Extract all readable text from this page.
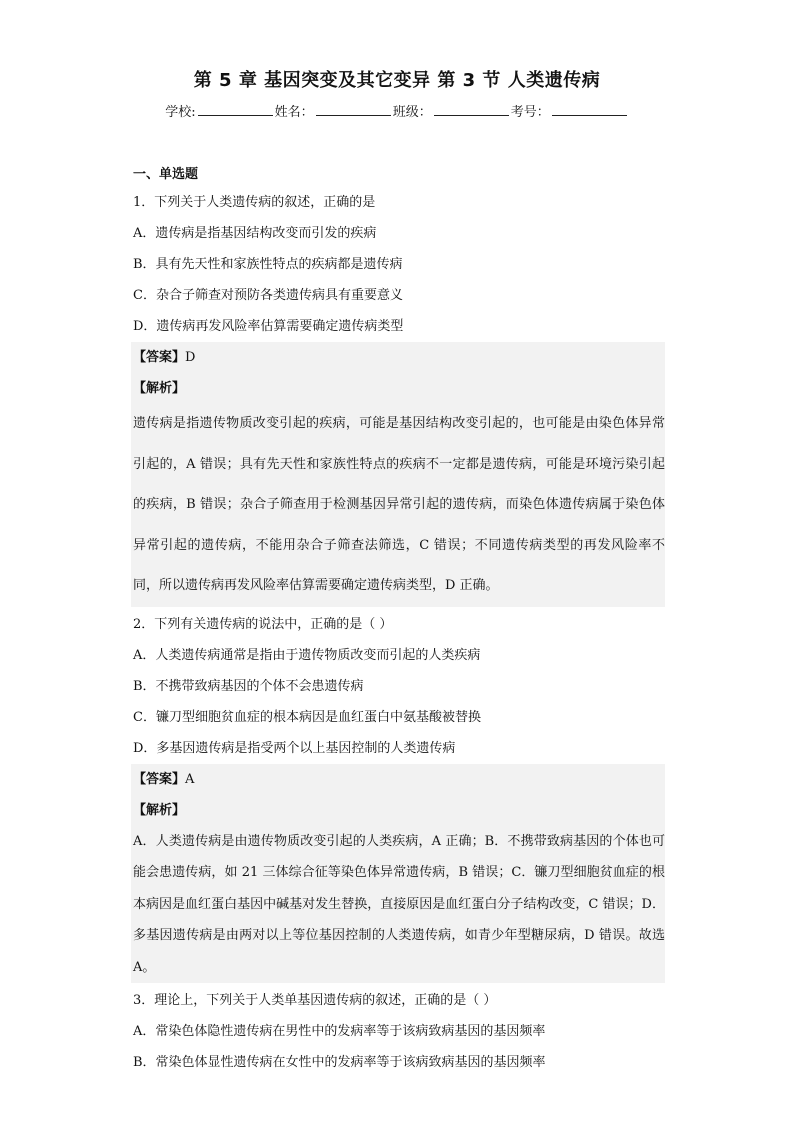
第 5 章 基因突变及其它变异 第 3 节 人类遗传病
学校:	姓名：	班级：	考号：
一、单选题
1．下列关于人类遗传病的叙述，正确的是
A．遗传病是指基因结构改变而引发的疾病
B．具有先天性和家族性特点的疾病都是遗传病
C．杂合子筛查对预防各类遗传病具有重要意义
D．遗传病再发风险率估算需要确定遗传病类型
【答案】D
【解析】
遗传病是指遗传物质改变引起的疾病，可能是基因结构改变引起的，也可能是由染色体异常引起的，A 错误；具有先天性和家族性特点的疾病不一定都是遗传病，可能是环境污染引起的疾病，B 错误；杂合子筛查用于检测基因异常引起的遗传病，而染色体遗传病属于染色体异常引起的遗传病，不能用杂合子筛查法筛选，C 错误；不同遗传病类型的再发风险率不同，所以遗传病再发风险率估算需要确定遗传病类型，D 正确。
2．下列有关遗传病的说法中，正确的是（ ）
A．人类遗传病通常是指由于遗传物质改变而引起的人类疾病
B．不携带致病基因的个体不会患遗传病
C．镰刀型细胞贫血症的根本病因是血红蛋白中氨基酸被替换
D．多基因遗传病是指受两个以上基因控制的人类遗传病
【答案】A
【解析】
A．人类遗传病是由遗传物质改变引起的人类疾病，A 正确；B．不携带致病基因的个体也可能会患遗传病，如 21 三体综合征等染色体异常遗传病，B 错误；C．镰刀型细胞贫血症的根本病因是血红蛋白基因中碱基对发生替换，直接原因是血红蛋白分子结构改变，C 错误；D．多基因遗传病是由两对以上等位基因控制的人类遗传病，如青少年型糖尿病，D 错误。故选 A。
3．理论上，下列关于人类单基因遗传病的叙述，正确的是（ ）
A．常染色体隐性遗传病在男性中的发病率等于该病致病基因的基因频率
B．常染色体显性遗传病在女性中的发病率等于该病致病基因的基因频率
